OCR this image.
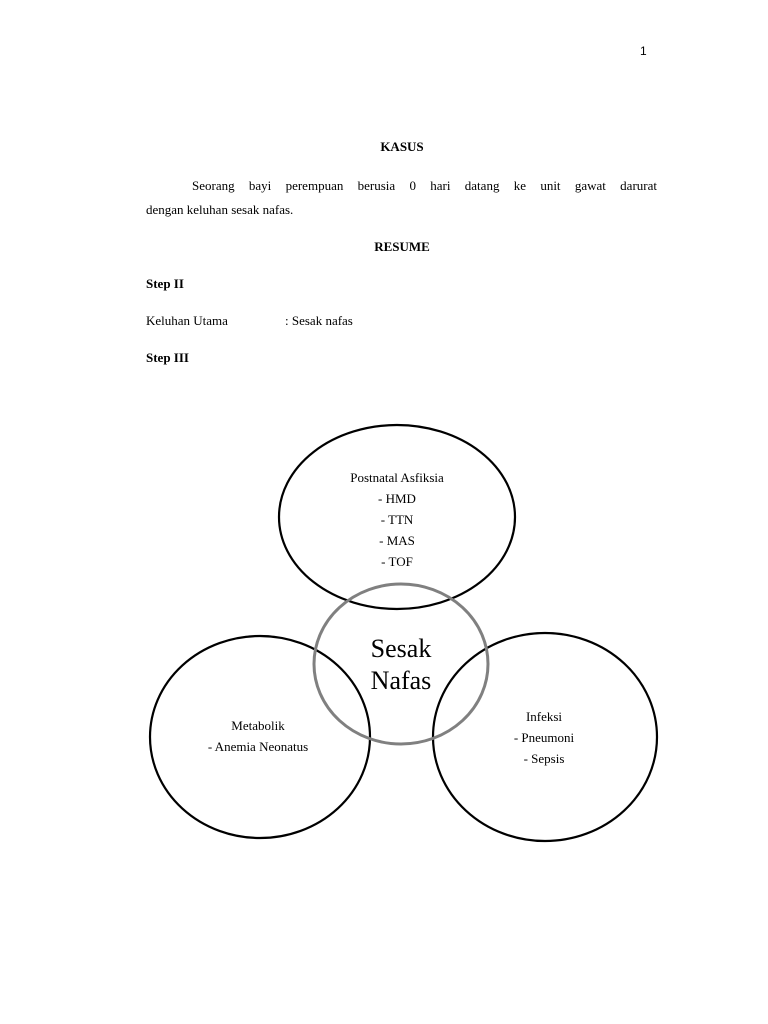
1
KASUS
Seorang bayi perempuan berusia 0 hari datang ke unit gawat darurat
dengan keluhan sesak nafas.
RESUME
Step II
Keluhan Utama	: Sesak nafas
Step III
Sesak
Nafas
Postnatal Asfiksia
- HMD
- TTN
- MAS
- TOF
Metabolik
- Anemia Neonatus
Infeksi
- Pneumoni
- Sepsis
